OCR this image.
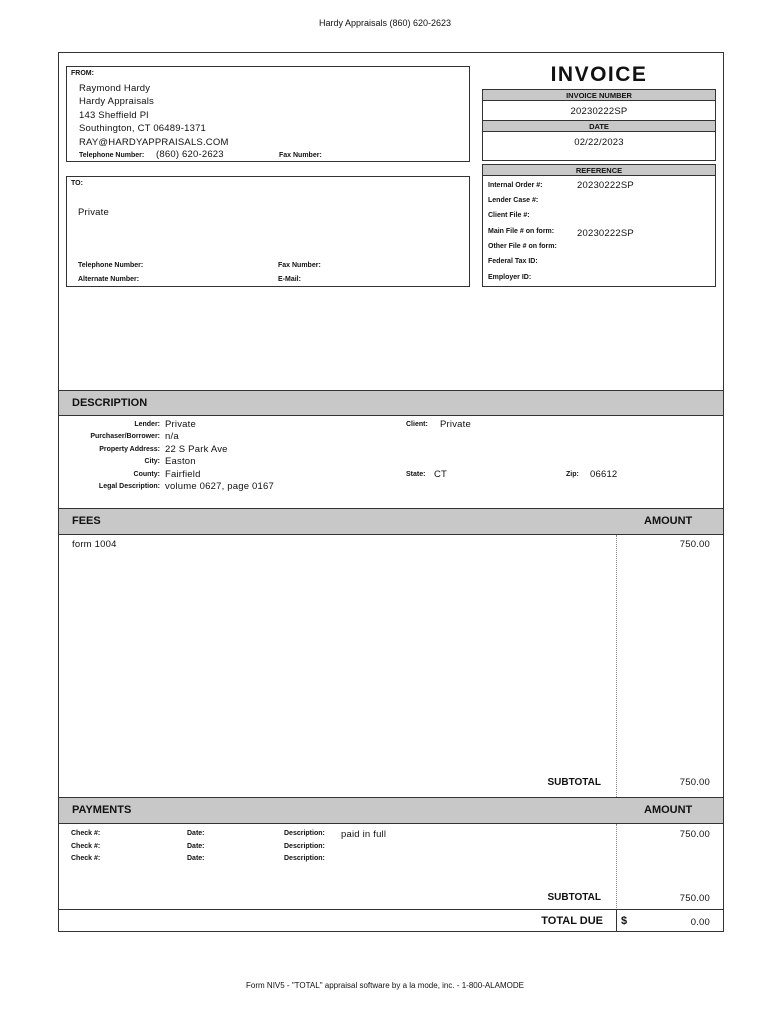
Hardy Appraisals (860) 620-2623
FROM:
Raymond Hardy
Hardy Appraisals
143 Sheffield Pl
Southington, CT 06489-1371
RAY@HARDYAPPRAISALS.COM
Telephone Number: (860) 620-2623	Fax Number:
TO:
Private
Telephone Number:	Fax Number:
Alternate Number:	E-Mail:
INVOICE
INVOICE NUMBER
20230222SP
DATE
02/22/2023
REFERENCE
Internal Order #:	20230222SP
Lender Case #:
Client File #:
Main File # on form: 20230222SP
Other File # on form:
Federal Tax ID:
Employer ID:
DESCRIPTION
Lender: Private	Client: Private
Purchaser/Borrower: n/a
Property Address: 22 S Park Ave
City: Easton
County: Fairfield	State: CT	Zip: 06612
Legal Description: volume 0627, page 0167
FEES	AMOUNT
form 1004	750.00
SUBTOTAL	750.00
PAYMENTS	AMOUNT
Check #:	Date:	Description: paid in full	750.00
Check #:	Date:	Description:
Check #:	Date:	Description:
SUBTOTAL	750.00
TOTAL DUE $	0.00
Form NIV5 - "TOTAL" appraisal software by a la mode, inc. - 1-800-ALAMODE
